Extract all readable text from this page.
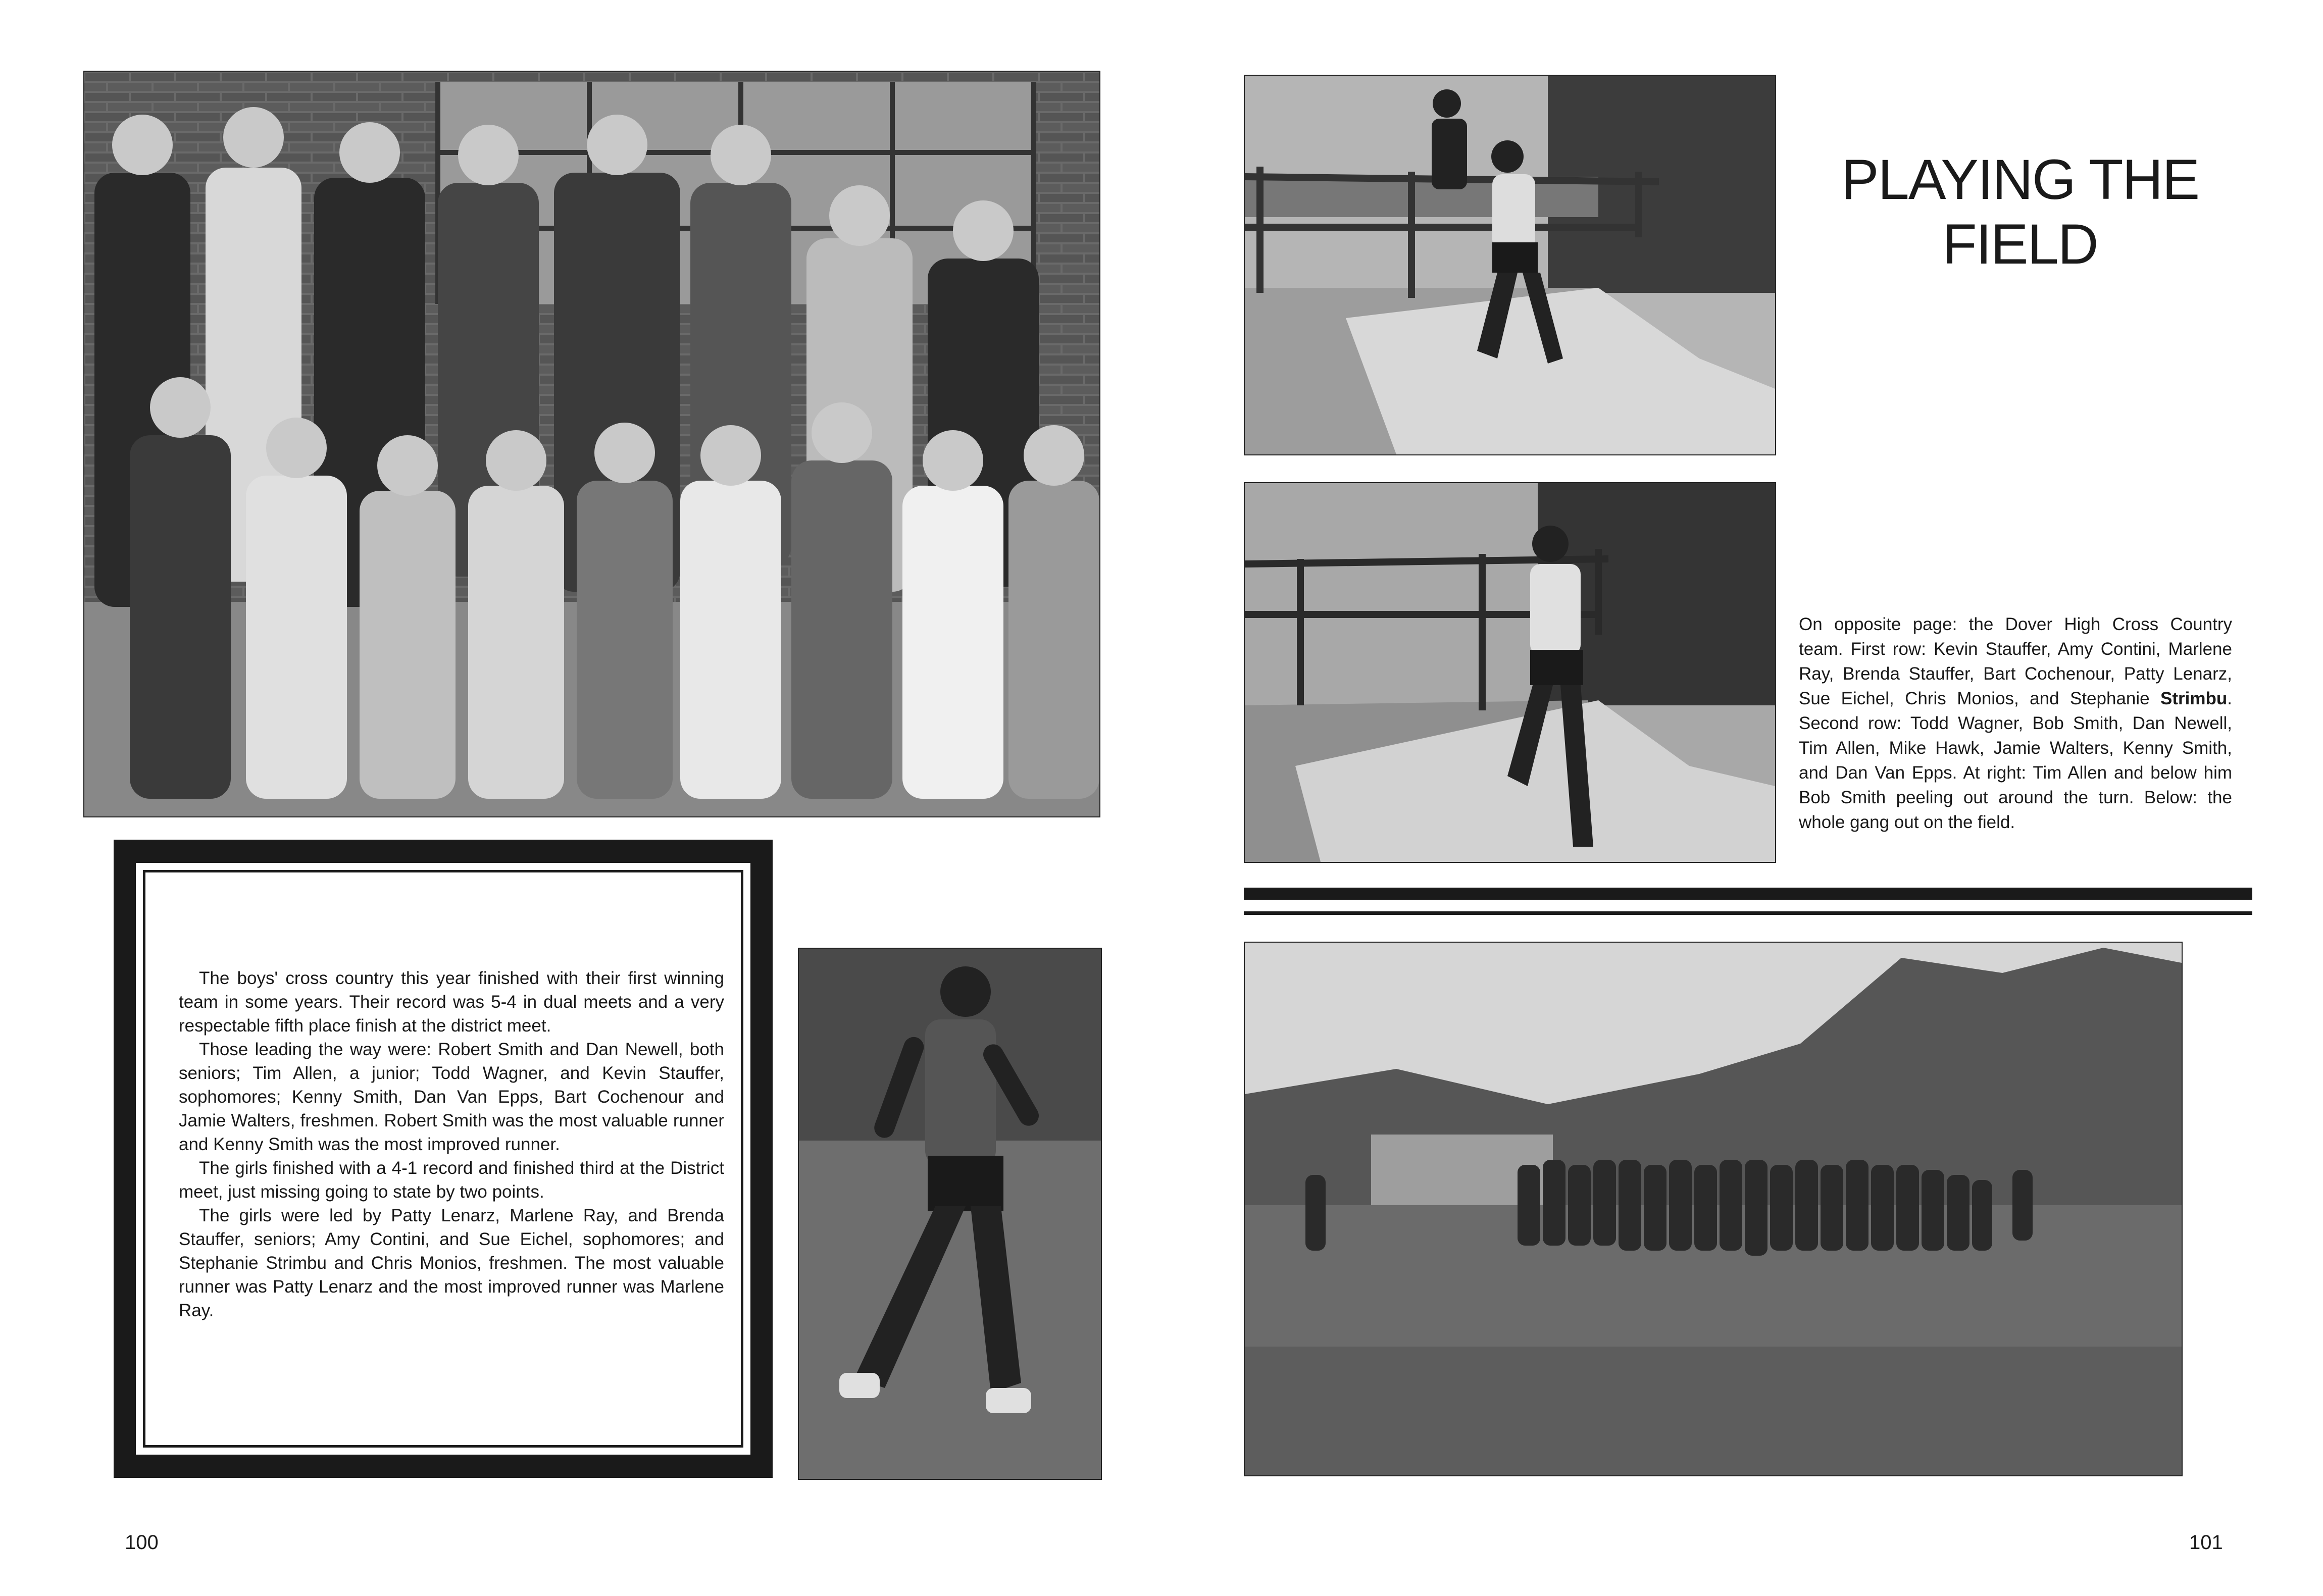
The boys' cross country this year finished with their first winning team in some years. Their record was 5-4 in dual meets and a very respectable fifth place finish at the district meet.

Those leading the way were: Robert Smith and Dan Newell, both seniors; Tim Allen, a junior; Todd Wagner, and Kevin Stauffer, sophomores; Kenny Smith, Dan Van Epps, Bart Cochenour and Jamie Walters, freshmen. Robert Smith was the most valuable runner and Kenny Smith was the most improved runner.

The girls finished with a 4-1 record and finished third at the District meet, just missing going to state by two points.

The girls were led by Patty Lenarz, Marlene Ray, and Brenda Stauffer, seniors; Amy Contini, and Sue Eichel, sophomores; and Stephanie Strimbu and Chris Monios, freshmen. The most valuable runner was Patty Lenarz and the most improved runner was Marlene Ray.

100
PLAYING THE
FIELD

On opposite page: the Dover High Cross Country team. First row: Kevin Stauffer, Amy Contini, Marlene Ray, Brenda Stauffer, Bart Cochenour, Patty Lenarz, Sue Eichel, Chris Monios, and Stephanie Strimbu. Second row: Todd Wagner, Bob Smith, Dan Newell, Tim Allen, Mike Hawk, Jamie Walters, Kenny Smith, and Dan Van Epps. At right: Tim Allen and below him Bob Smith peeling out around the turn. Below: the whole gang out on the field.

101
